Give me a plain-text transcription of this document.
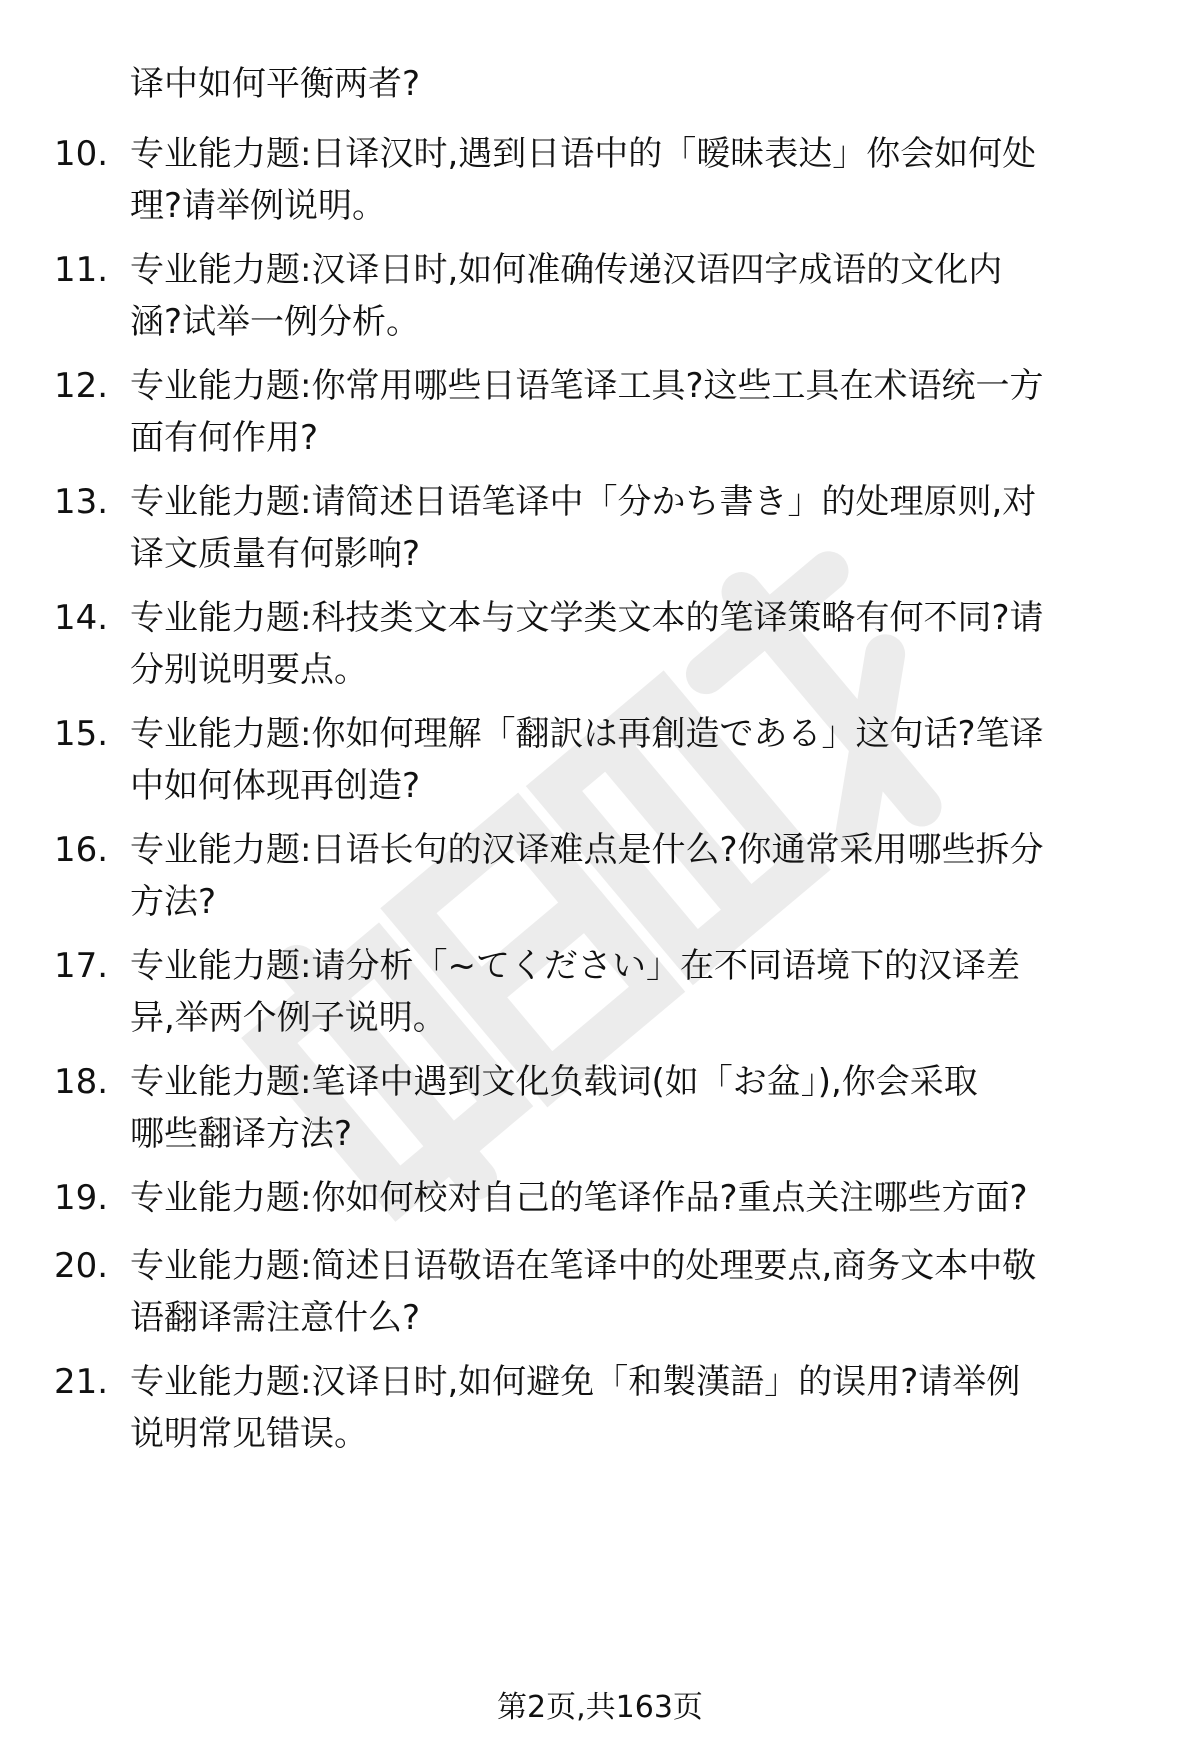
译中如何平衡两者?
10. 专业能力题:日译汉时,遇到日语中的「暧昧表达」你会如何处
理?请举例说明。
11. 专业能力题:汉译日时,如何准确传递汉语四字成语的文化内
涵?试举一例分析。
12. 专业能力题:你常用哪些日语笔译工具?这些工具在术语统一方
面有何作用?
13. 专业能力题:请简述日语笔译中「分かち書き」的处理原则,对
译文质量有何影响?
14. 专业能力题:科技类文本与文学类文本的笔译策略有何不同?请
分别说明要点。
15. 专业能力题:你如何理解「翻訳は再創造である」这句话?笔译
中如何体现再创造?
16. 专业能力题:日语长句的汉译难点是什么?你通常采用哪些拆分
方法?
17. 专业能力题:请分析「~てください」在不同语境下的汉译差
异,举两个例子说明。
18. 专业能力题:笔译中遇到文化负载词(如「お盆」),你会采取
哪些翻译方法?
19. 专业能力题:你如何校对自己的笔译作品?重点关注哪些方面?
20. 专业能力题:简述日语敬语在笔译中的处理要点,商务文本中敬
语翻译需注意什么?
21. 专业能力题:汉译日时,如何避免「和製漢語」的误用?请举例
说明常见错误。
第2页,共163页
